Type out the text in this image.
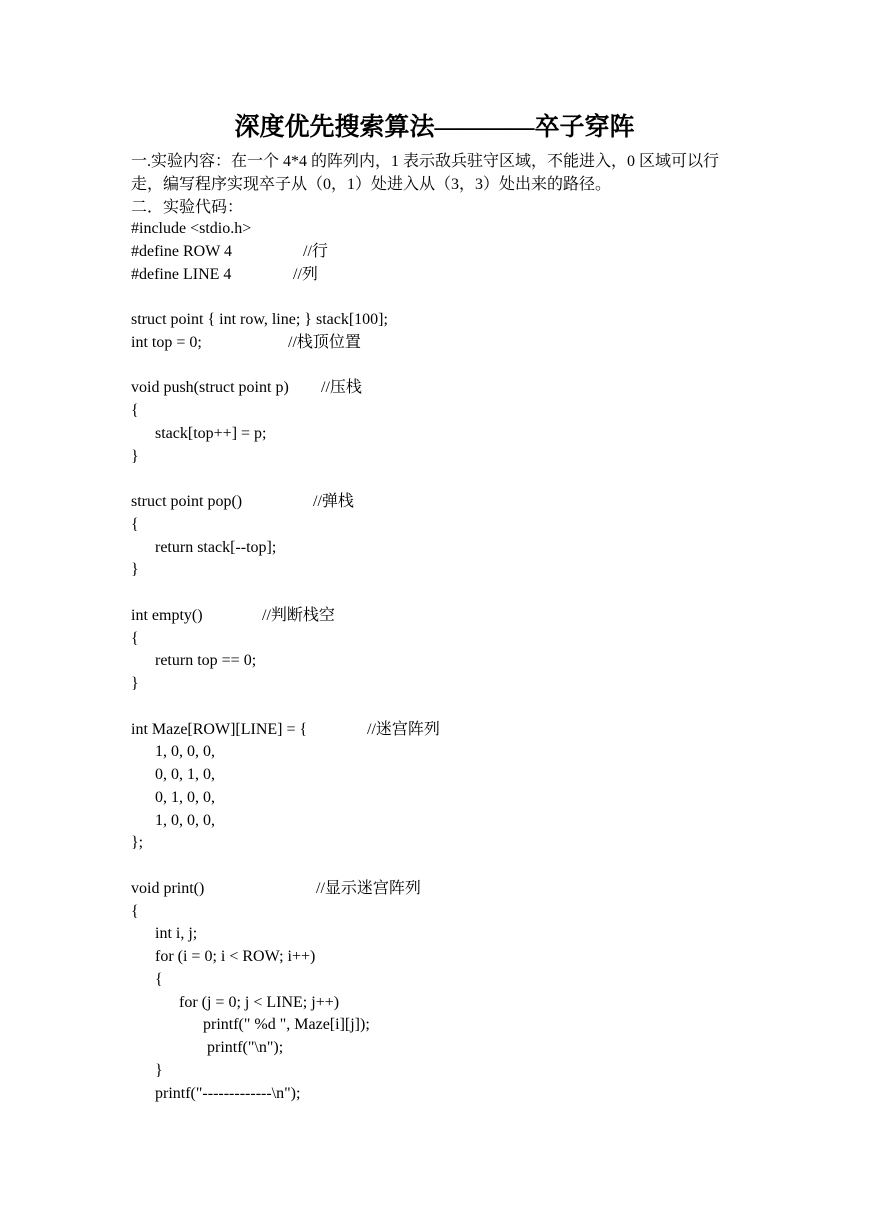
深度优先搜索算法————卒子穿阵

一.实验内容：在一个 4*4 的阵列内，1 表示敌兵驻守区域，不能进入，0 区域可以行走，编写程序实现卒子从（0，1）处进入从（3，3）处出来的路径。

二．实验代码：

#include <stdio.h>
#define ROW 4	//行
#define LINE 4	//列
struct point { int row, line; } stack[100];
int top = 0;	//栈顶位置
void push(struct point p) //压栈
{
stack[top++] = p;
}
struct point pop()	//弹栈
{
return stack[--top];
}
int empty()	//判断栈空
{
return top == 0;
}
int Maze[ROW][LINE] = {	//迷宫阵列
1, 0, 0, 0,
0, 0, 1, 0,
0, 1, 0, 0,
1, 0, 0, 0,
};
void print()	//显示迷宫阵列
{
int i, j;
for (i = 0; i < ROW; i++)
{
for (j = 0; j < LINE; j++)
printf(" %d ", Maze[i][j]);
printf("\n");
}
printf("-------------\n");
